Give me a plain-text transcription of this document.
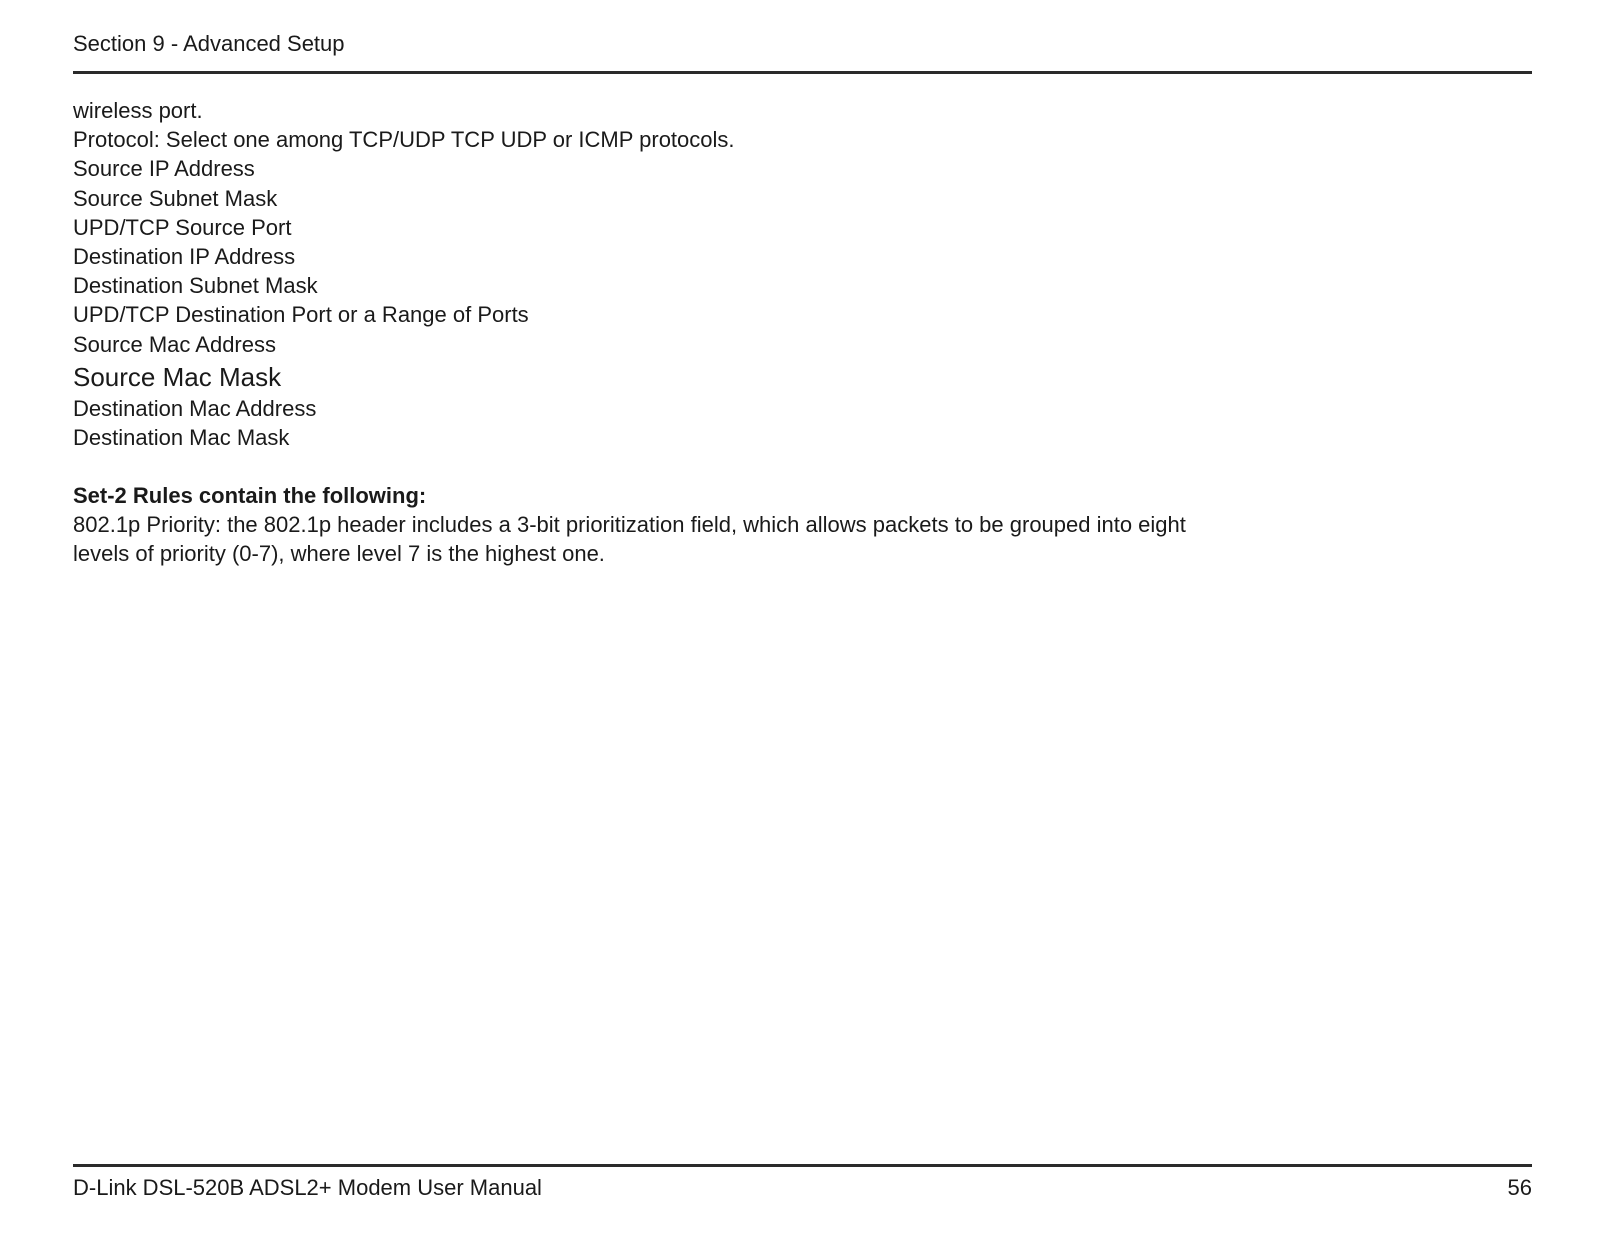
Section 9 - Advanced Setup
wireless port.
Protocol: Select one among TCP/UDP TCP UDP or ICMP protocols.
Source IP Address
Source Subnet Mask
UPD/TCP Source Port
Destination IP Address
Destination Subnet Mask
UPD/TCP Destination Port or a Range of Ports
Source Mac Address
Source Mac Mask
Destination Mac Address
Destination Mac Mask
Set-2 Rules contain the following:
802.1p Priority: the 802.1p header includes a 3-bit prioritization field, which allows packets to be grouped into eight
levels of priority (0-7), where level 7 is the highest one.
D-Link DSL-520B ADSL2+ Modem User Manual	56
